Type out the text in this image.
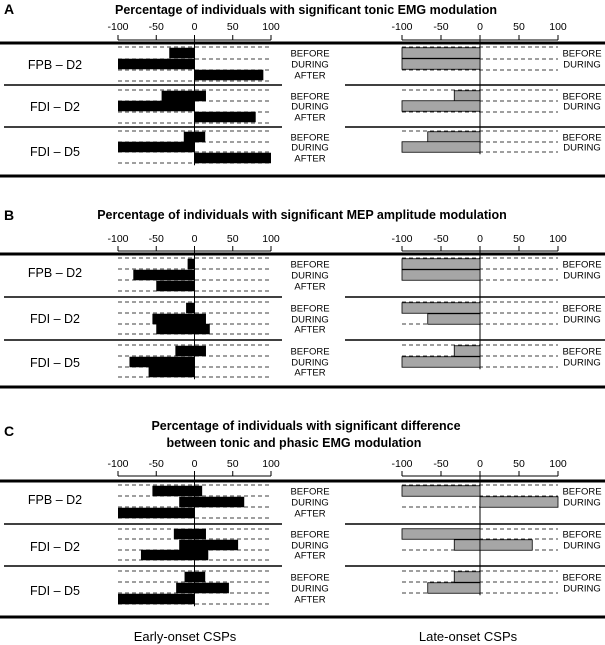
A	Percentage of individuals with significant tonic EMG modulation
-100 -50	0	50 100
FPB – D2
BEFORE
DURING
AFTER
FDI – D2
BEFORE
DURING
AFTER
FDI – D5
BEFORE
DURING
AFTER
-100 -50	0	50 100
BEFORE
DURING
BEFORE
DURING
BEFORE
DURING
B	Percentage of individuals with significant MEP amplitude modulation
-100 -50	0	50 100
FPB – D2
BEFORE
DURING
AFTER
FDI – D2
BEFORE
DURING
AFTER
FDI – D5
BEFORE
DURING
AFTER
-100 -50	0	50 100
BEFORE
DURING
BEFORE
DURING
BEFORE
DURING
C	Percentage of individuals with significant difference
between tonic and phasic EMG modulation
-100 -50	0	50 100
FPB – D2
BEFORE
DURING
AFTER
FDI – D2
BEFORE
DURING
AFTER
FDI – D5
BEFORE
DURING
AFTER
-100 -50	0	50 100
BEFORE
DURING
BEFORE
DURING
BEFORE
DURING
Early-onset CSPs	Late-onset CSPs
